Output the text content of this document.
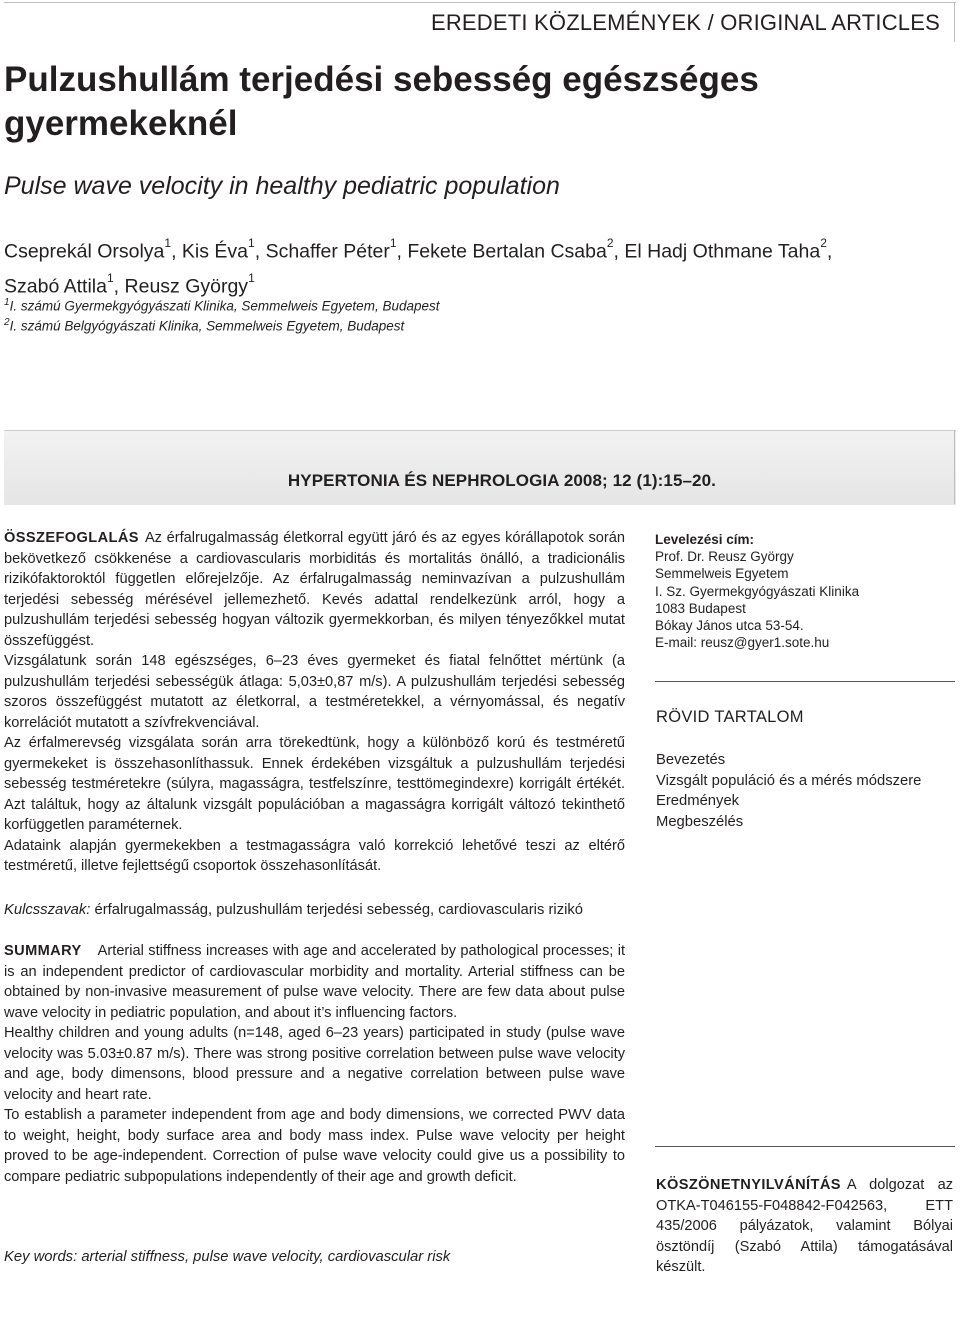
EREDETI KÖZLEMÉNYEK / ORIGINAL ARTICLES
Pulzushullám terjedési sebesség egészséges gyermekeknél
Pulse wave velocity in healthy pediatric population
Cseprekál Orsolya$^1$, Kis Éva$^1$, Schaffer Péter$^1$, Fekete Bertalan Csaba$^2$, El Hadj Othmane Taha$^2$,
Szabó Attila$^1$, Reusz György$^1$
$^1$I. számú Gyermekgyógyászati Klinika, Semmelweis Egyetem, Budapest
$^2$I. számú Belgyógyászati Klinika, Semmelweis Egyetem, Budapest
HYPERTONIA ÉS NEPHROLOGIA 2008; 12 (1):15–20.

ÖSSZEFOGLALÁS Az érfalrugalmasság életkorral együtt járó és az egyes kórállapotok során bekövetkező csökkenése a cardiovascularis morbiditás és mortalitás önálló, a tradicionális rizikófaktoroktól független előrejelzője. Az érfalrugalmasság neminvazívan a pulzushullám terjedési sebesség mérésével jellemezhető. Kevés adattal rendelkezünk arról, hogy a pulzushullám terjedési sebesség hogyan változik gyermekkorban, és milyen tényezőkkel mutat összefüggést.

Vizsgálatunk során 148 egészséges, 6–23 éves gyermeket és fiatal felnőttet mértünk (a pulzushullám terjedési sebességük átlaga: 5,03±0,87 m/s). A pulzushullám terjedési sebesség szoros összefüggést mutatott az életkorral, a testméretekkel, a vérnyomással, és negatív korrelációt mutatott a szívfrekvenciával.

Az érfalmerevség vizsgálata során arra törekedtünk, hogy a különböző korú és testméretű gyermekeket is összehasonlíthassuk. Ennek érdekében vizsgáltuk a pulzushullám terjedési sebesség testméretekre (súlyra, magasságra, testfelszínre, testtömegindexre) korrigált értékét. Azt találtuk, hogy az általunk vizsgált populációban a magasságra korrigált változó tekinthető korfüggetlen paraméternek.

Adataink alapján gyermekekben a testmagasságra való korrekció lehetővé teszi az eltérő testméretű, illetve fejlettségű csoportok összehasonlítását.

Levelezési cím:
Prof. Dr. Reusz György
Semmelweis Egyetem
I. Sz. Gyermekgyógyászati Klinika
1083 Budapest
Bókay János utca 53-54.
E-mail: reusz@gyer1.sote.hu
RÖVID TARTALOM
Bevezetés
Vizsgált populáció és a mérés módszere
Eredmények
Megbeszélés
Kulcsszavak: érfalrugalmasság, pulzushullám terjedési sebesség, cardiovascularis rizikó

SUMMARY Arterial stiffness increases with age and accelerated by pathological processes; it is an independent predictor of cardiovascular morbidity and mortality. Arterial stiffness can be obtained by non-invasive measurement of pulse wave velocity. There are few data about pulse wave velocity in pediatric population, and about it’s influencing factors.

Healthy children and young adults (n=148, aged 6–23 years) participated in study (pulse wave velocity was 5.03±0.87 m/s). There was strong positive correlation between pulse wave velocity and age, body dimensons, blood pressure and a negative correlation between pulse wave velocity and heart rate.

To establish a parameter independent from age and body dimensions, we corrected PWV data to weight, height, body surface area and body mass index. Pulse wave velocity per height proved to be age-independent. Correction of pulse wave velocity could give us a possibility to compare pediatric subpopulations independently of their age and growth deficit.

Key words: arterial stiffness, pulse wave velocity, cardiovascular risk
KÖSZÖNETNYILVÁNÍTÁS A dolgozat az OTKA-T046155-F048842-F042563, ETT 435/2006 pályázatok, valamint Bólyai ösztöndíj (Szabó Attila) támogatásával készült.
